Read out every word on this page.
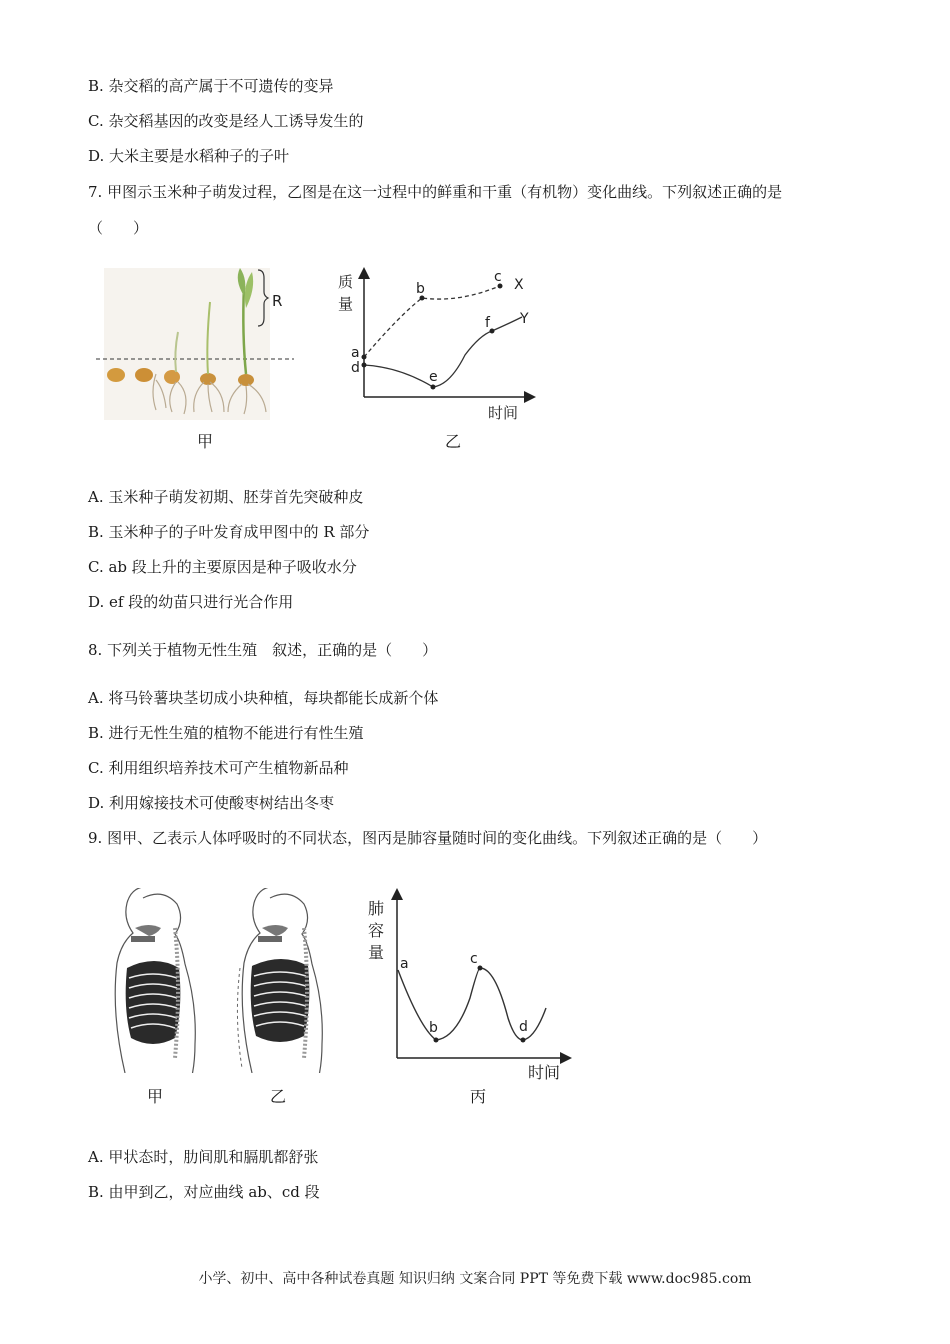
B. 杂交稻的高产属于不可遗传的变异
C. 杂交稻基因的改变是经人工诱导发生的
D. 大米主要是水稻种子的子叶
7. 甲图示玉米种子萌发过程，乙图是在这一过程中的鲜重和干重（有机物）变化曲线。下列叙述正确的是
（　　）
R
甲
质
量
时间
a
b
c X
d
e
f Y
乙
A. 玉米种子萌发初期、胚芽首先突破种皮
B. 玉米种子的子叶发育成甲图中的 R 部分
C. ab 段上升的主要原因是种子吸收水分
D. ef 段的幼苗只进行光合作用
8. 下列关于植物无性生殖　叙述，正确的是（　　）
A. 将马铃薯块茎切成小块种植，每块都能长成新个体
B. 进行无性生殖的植物不能进行有性生殖
C. 利用组织培养技术可产生植物新品种
D. 利用嫁接技术可使酸枣树结出冬枣
9. 图甲、乙表示人体呼吸时的不同状态，图丙是肺容量随时间的变化曲线。下列叙述正确的是（　　）
甲	乙
肺
容
量
时间
a
b
c
d
丙
A. 甲状态时，肋间肌和膈肌都舒张
B. 由甲到乙，对应曲线 ab、cd 段
小学、初中、高中各种试卷真题 知识归纳 文案合同 PPT 等免费下载 www.doc985.com
